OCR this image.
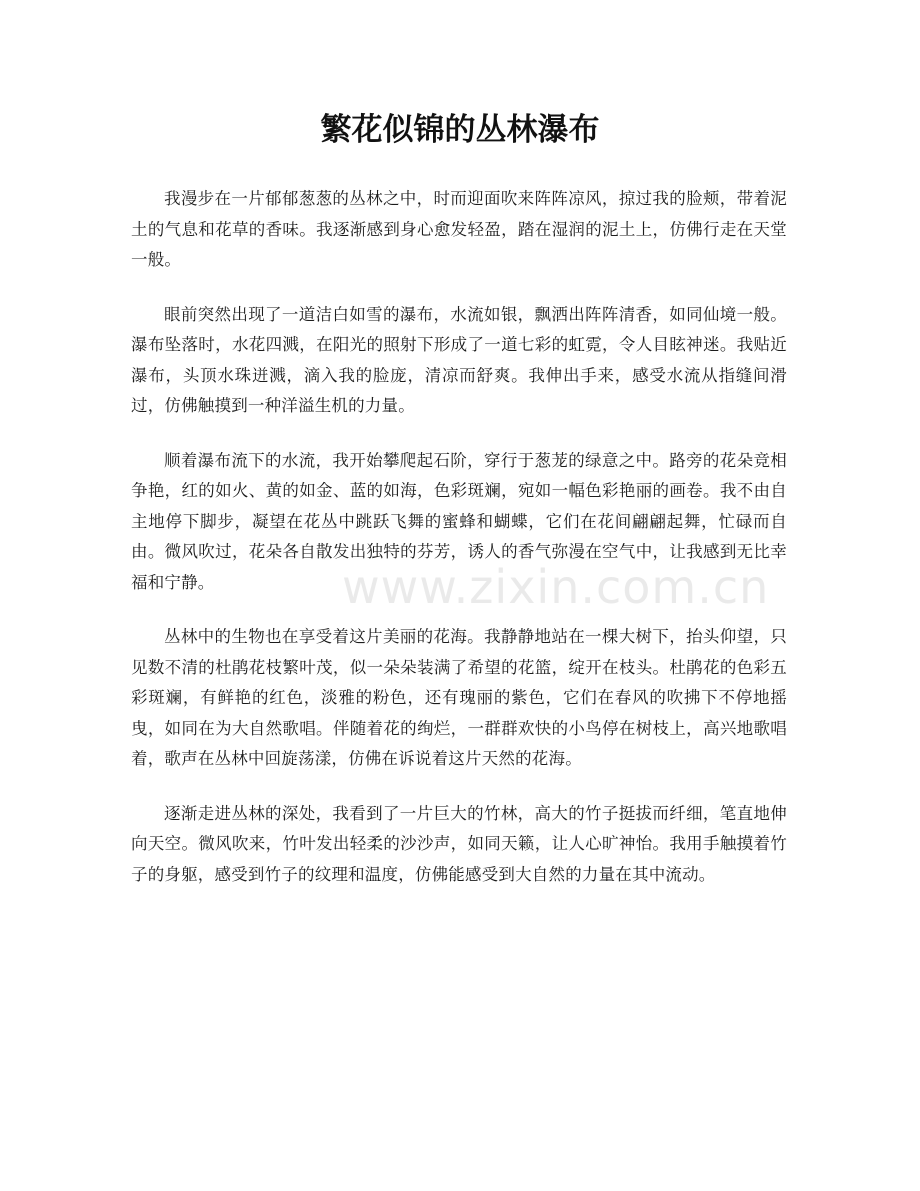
繁花似锦的丛林瀑布

我漫步在一片郁郁葱葱的丛林之中，时而迎面吹来阵阵凉风，掠过我的脸颊，带着泥土的气息和花草的香味。我逐渐感到身心愈发轻盈，踏在湿润的泥土上，仿佛行走在天堂一般。

眼前突然出现了一道洁白如雪的瀑布，水流如银，飘洒出阵阵清香，如同仙境一般。瀑布坠落时，水花四溅，在阳光的照射下形成了一道七彩的虹霓，令人目眩神迷。我贴近瀑布，头顶水珠迸溅，滴入我的脸庞，清凉而舒爽。我伸出手来，感受水流从指缝间滑过，仿佛触摸到一种洋溢生机的力量。

顺着瀑布流下的水流，我开始攀爬起石阶，穿行于葱茏的绿意之中。路旁的花朵竞相争艳，红的如火、黄的如金、蓝的如海，色彩斑斓，宛如一幅色彩艳丽的画卷。我不由自主地停下脚步，凝望在花丛中跳跃飞舞的蜜蜂和蝴蝶，它们在花间翩翩起舞，忙碌而自由。微风吹过，花朵各自散发出独特的芬芳，诱人的香气弥漫在空气中，让我感到无比幸福和宁静。

丛林中的生物也在享受着这片美丽的花海。我静静地站在一棵大树下，抬头仰望，只见数不清的杜鹃花枝繁叶茂，似一朵朵装满了希望的花篮，绽开在枝头。杜鹃花的色彩五彩斑斓，有鲜艳的红色，淡雅的粉色，还有瑰丽的紫色，它们在春风的吹拂下不停地摇曳，如同在为大自然歌唱。伴随着花的绚烂，一群群欢快的小鸟停在树枝上，高兴地歌唱着，歌声在丛林中回旋荡漾，仿佛在诉说着这片天然的花海。

逐渐走进丛林的深处，我看到了一片巨大的竹林，高大的竹子挺拔而纤细，笔直地伸向天空。微风吹来，竹叶发出轻柔的沙沙声，如同天籁，让人心旷神怡。我用手触摸着竹子的身躯，感受到竹子的纹理和温度，仿佛能感受到大自然的力量在其中流动。

www.zixin.com.cn
